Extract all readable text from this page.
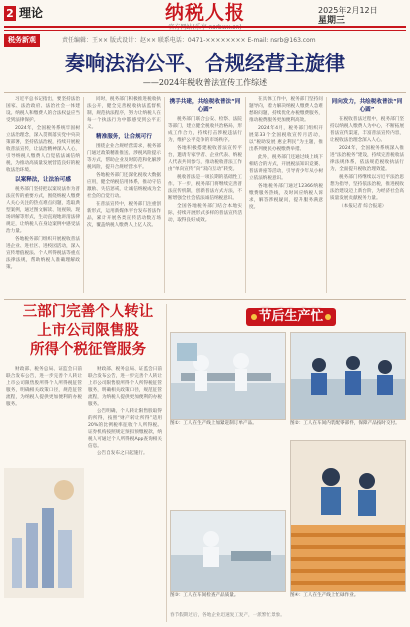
2 理论	纳税人报	2025年2月12日
星期三
税务新观	责任编辑：王×× 版式设计：赵×× 联系电话：0471-×××××××× E-mail: nsrb@163.com
奏响法治公平、合规经营主旋律
——2024年税收普法宣传工作综述

习近平总书记指出，要坚持法治国家、法治政府、法治社会一体建设。纳税人和缴费人的合法权益应当受到法律保护。

2024年，全国税务系统牢固树立法治理念，深入贯彻落实党中央决策部署，坚持依法治税，持续开展税收普法宣传，让法治精神深入人心，引导纳税人缴费人自觉依法诚信纳税，为推动高质量发展营造良好的税收法治环境。

以案释法，让法治可感

税务部门坚持把以案说法作为普法宣传的重要方式，围绕纳税人缴费人关心关注的热点难点问题，选取典型案例，通过图文解读、短视频、现场讲解等形式，生动直观地讲清法律规定，让纳税人在身边案例中感受法治力量。

各地税务部门组织开展税收普法进企业、进社区、进校园活动，深入宣传增值税法、个人所得税法等重点法律法规，帮助纳税人准确理解政策。

同时，税务部门积极推进税收执法公开，健全完善税收执法监督机制，规范执法程序，努力让纳税人在每一个执法行为中都感受到公平正义。

精准服务，让合规可行

围绕企业合规经营需求，税务部门通过政策精准推送、涉税风险提示等方式，帮助企业及时防范和化解涉税风险，提升合规经营水平。

各地税务部门还深化税收大数据应用，健全纳税信用体系，推动守信激励、失信惩戒，让诚信纳税成为全社会的自觉行动。

在普法宣传中，税务部门注重创新形式，运用新媒体平台发布普法作品，累计开展各类宣传活动数万场次，覆盖纳税人缴费人上亿人次。

携手共建，共绘税收普法“同心圆”

税务部门联合公安、检察、法院等部门，建立健全税收共治格局，形成工作合力，持续打击涉税违法行为，维护公平竞争的市场秩序。

各地积极搭建税收普法宣传平台，邀请专家学者、企业代表、纳税人代表共同参与，推动税收普法工作由“单向宣传”向“双向互动”转变。

税收普法是一项长期的基础性工作。下一步，税务部门将继续完善普法宣传机制，创新普法方式方法，不断增强全社会依法诚信纳税意识。

全国各地税务部门结合本地实际，持续开展形式多样的普法宣传活动，取得良好成效。

在具体工作中，税务部门坚持问题导向，着力解决纳税人缴费人急难愁盼问题，持续优化办税缴费服务，推动税费服务更加便利高效。

2024年4月，税务部门组织开展第33个全国税收宣传月活动，以“税助发展 惠企利民”为主题，推出系列便民办税缴费举措。

此外，税务部门还通过线上线下相结合的方式，开展税法知识竞赛、普法讲座等活动，引导青少年从小树立依法纳税意识。

各地税务部门通过12366纳税缴费服务热线，及时回应纳税人诉求，解答涉税疑问，提升服务满意度。

同向发力，共绘税收普法“同心圆”

在税收普法过程中，税务部门坚持以纳税人缴费人为中心，不断拓展普法宣传渠道，丰富普法宣传内容，让税收法治理念深入人心。

2024年，全国税务系统深入推进“法治税务”建设，持续完善税收法律法规体系，依法规范税收执法行为，全面提升税收治理效能。

税务部门将继续以习近平法治思想为指导，坚持依法治税，推进税收法治建设迈上新台阶，为经济社会高质量发展贡献税务力量。

（本报记者 综合报道）

三部门完善个人转让
上市公司限售股
所得个税征管服务

财政部、税务总局、证监会日前联合发布公告，进一步完善个人转让上市公司限售股所得个人所得税征管服务，明确相关政策口径，规范征管流程，为纳税人提供更加便利的办税服务。

公告明确，个人转让限售股取得的所得，按照“财产转让所得”适用20%的比例税率征收个人所得税。证券机构按照规定预扣预缴税款，纳税人可通过个人所得税App查询相关信息。

公告自发布之日起施行。

财政部、税务总局、证监会日前联合发布公告，进一步完善个人转让上市公司限售股所得个人所得税征管服务，明确相关政策口径，规范征管流程，为纳税人提供更加便利的办税服务。

节后生产忙
图①：工人在生产线上加紧赶制订单产品。	图②：工人在车间内装配零部件，保障产品按时交付。
图③：工人在车间检查产品质量。	图④：工人在生产线上忙碌作业。
春节假期过后，各地企业迅速复工复产，一派繁忙景象。
